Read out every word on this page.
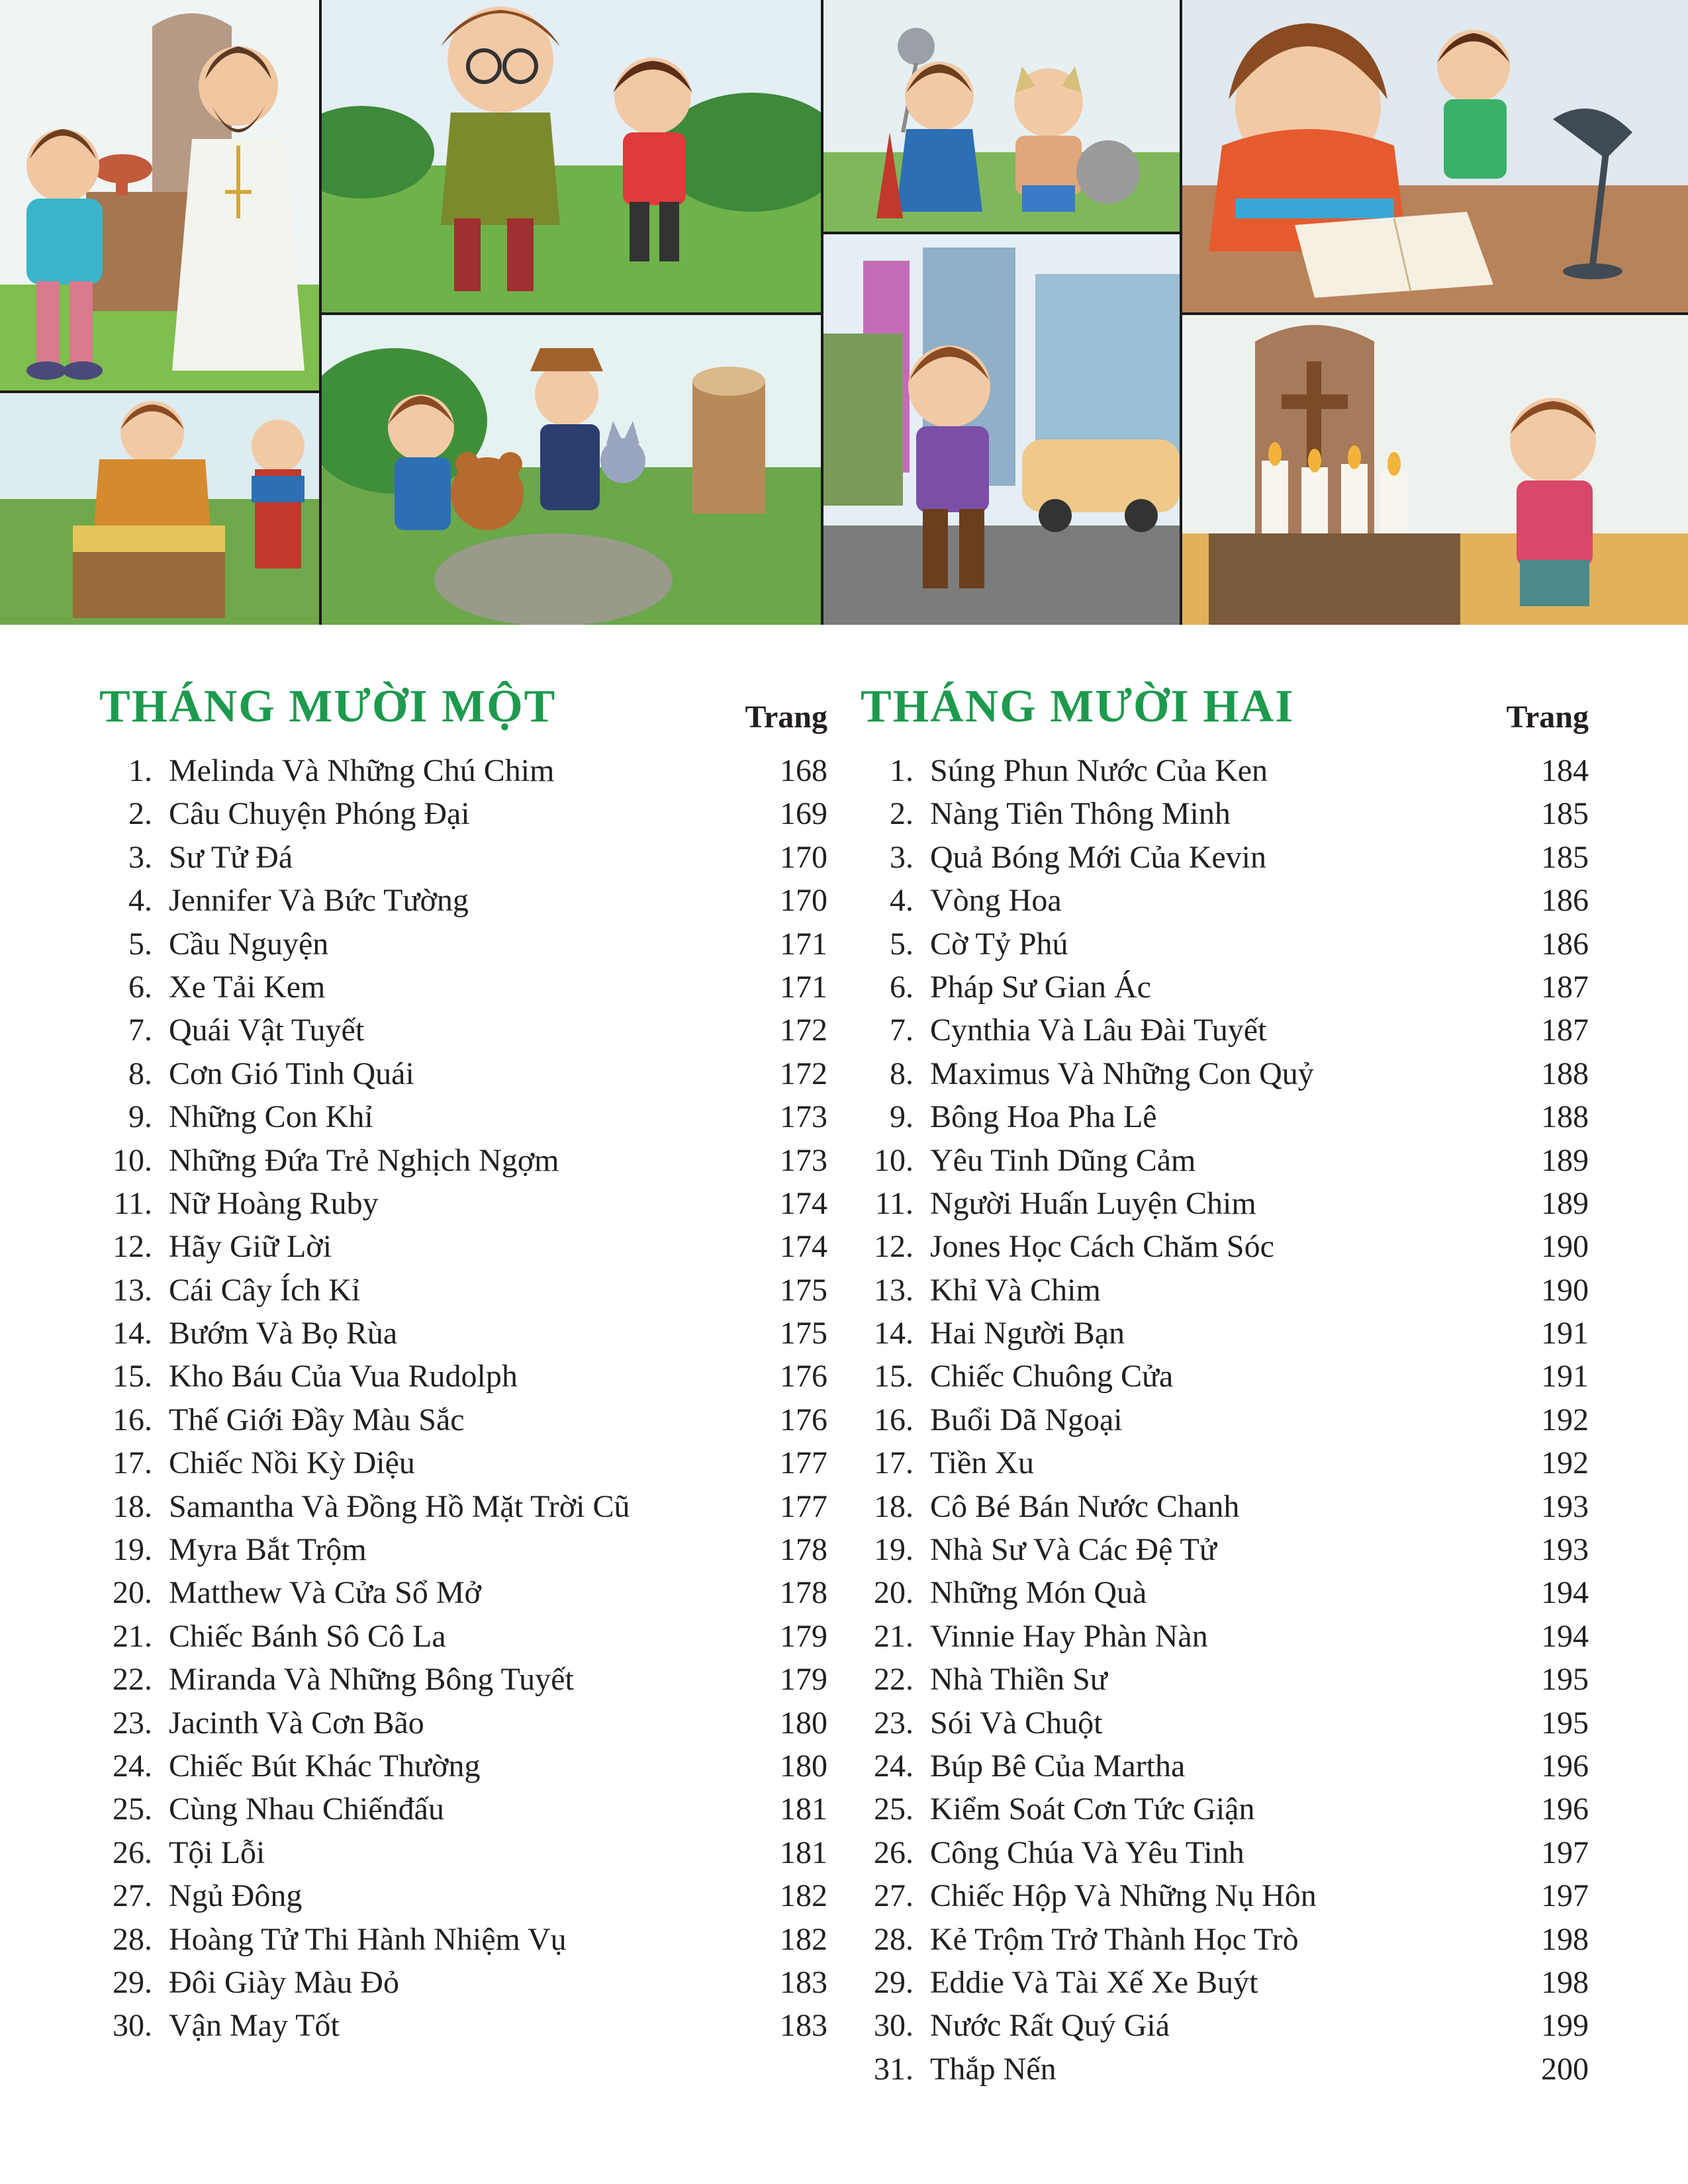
THÁNG MƯỜI MỘT	Trang
1. Melinda Và Những Chú Chim	168
2. Câu Chuyện Phóng Đại	169
3. Sư Tử Đá	170
4. Jennifer Và Bức Tường	170
5. Cầu Nguyện	171
6. Xe Tải Kem	171
7. Quái Vật Tuyết	172
8. Cơn Gió Tinh Quái	172
9. Những Con Khỉ	173
10. Những Đứa Trẻ Nghịch Ngợm	173
11. Nữ Hoàng Ruby	174
12. Hãy Giữ Lời	174
13. Cái Cây Ích Kỉ	175
14. Bướm Và Bọ Rùa	175
15. Kho Báu Của Vua Rudolph	176
16. Thế Giới Đầy Màu Sắc	176
17. Chiếc Nồi Kỳ Diệu	177
18. Samantha Và Đồng Hồ Mặt Trời Cũ	177
19. Myra Bắt Trộm	178
20. Matthew Và Cửa Sổ Mở	178
21. Chiếc Bánh Sô Cô La	179
22. Miranda Và Những Bông Tuyết	179
23. Jacinth Và Cơn Bão	180
24. Chiếc Bút Khác Thường	180
25. Cùng Nhau Chiếnđấu	181
26. Tội Lỗi	181
27. Ngủ Đông	182
28. Hoàng Tử Thi Hành Nhiệm Vụ	182
29. Đôi Giày Màu Đỏ	183
30. Vận May Tốt	183
THÁNG MƯỜI HAI	Trang
1. Súng Phun Nước Của Ken	184
2. Nàng Tiên Thông Minh	185
3. Quả Bóng Mới Của Kevin	185
4. Vòng Hoa	186
5. Cờ Tỷ Phú	186
6. Pháp Sư Gian Ác	187
7. Cynthia Và Lâu Đài Tuyết	187
8. Maximus Và Những Con Quỷ	188
9. Bông Hoa Pha Lê	188
10. Yêu Tinh Dũng Cảm	189
11. Người Huấn Luyện Chim	189
12. Jones Học Cách Chăm Sóc	190
13. Khỉ Và Chim	190
14. Hai Người Bạn	191
15. Chiếc Chuông Cửa	191
16. Buổi Dã Ngoại	192
17. Tiền Xu	192
18. Cô Bé Bán Nước Chanh	193
19. Nhà Sư Và Các Đệ Tử	193
20. Những Món Quà	194
21. Vinnie Hay Phàn Nàn	194
22. Nhà Thiền Sư	195
23. Sói Và Chuột	195
24. Búp Bê Của Martha	196
25. Kiểm Soát Cơn Tức Giận	196
26. Công Chúa Và Yêu Tinh	197
27. Chiếc Hộp Và Những Nụ Hôn	197
28. Kẻ Trộm Trở Thành Học Trò	198
29. Eddie Và Tài Xế Xe Buýt	198
30. Nước Rất Quý Giá	199
31. Thắp Nến	200
